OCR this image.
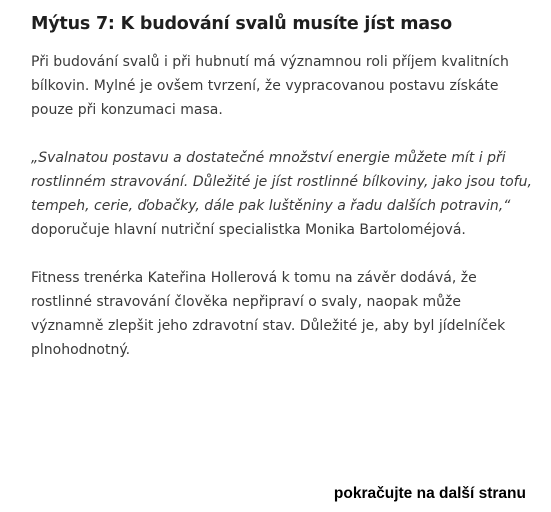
Mýtus 7: K budování svalů musíte jíst maso

Při budování svalů i při hubnutí má významnou roli příjem kvalitních bílkovin. Mylné je ovšem tvrzení, že vypracovanou postavu získáte pouze při konzumaci masa.

„Svalnatou postavu a dostatečné množství energie můžete mít i při rostlinném stravování. Důležité je jíst rostlinné bílkoviny, jako jsou tofu, tempeh, cerie, ďobačky, dále pak luštěniny a řadu dalších potravin,“ doporučuje hlavní nutriční specialistka Monika Bartoloméjová.

Fitness trenérka Kateřina Hollerová k tomu na závěr dodává, že rostlinné stravování člověka nepřipraví o svaly, naopak může významně zlepšit jeho zdravotní stav. Důležité je, aby byl jídelníček plnohodnotný.

pokračujte na další stranu
